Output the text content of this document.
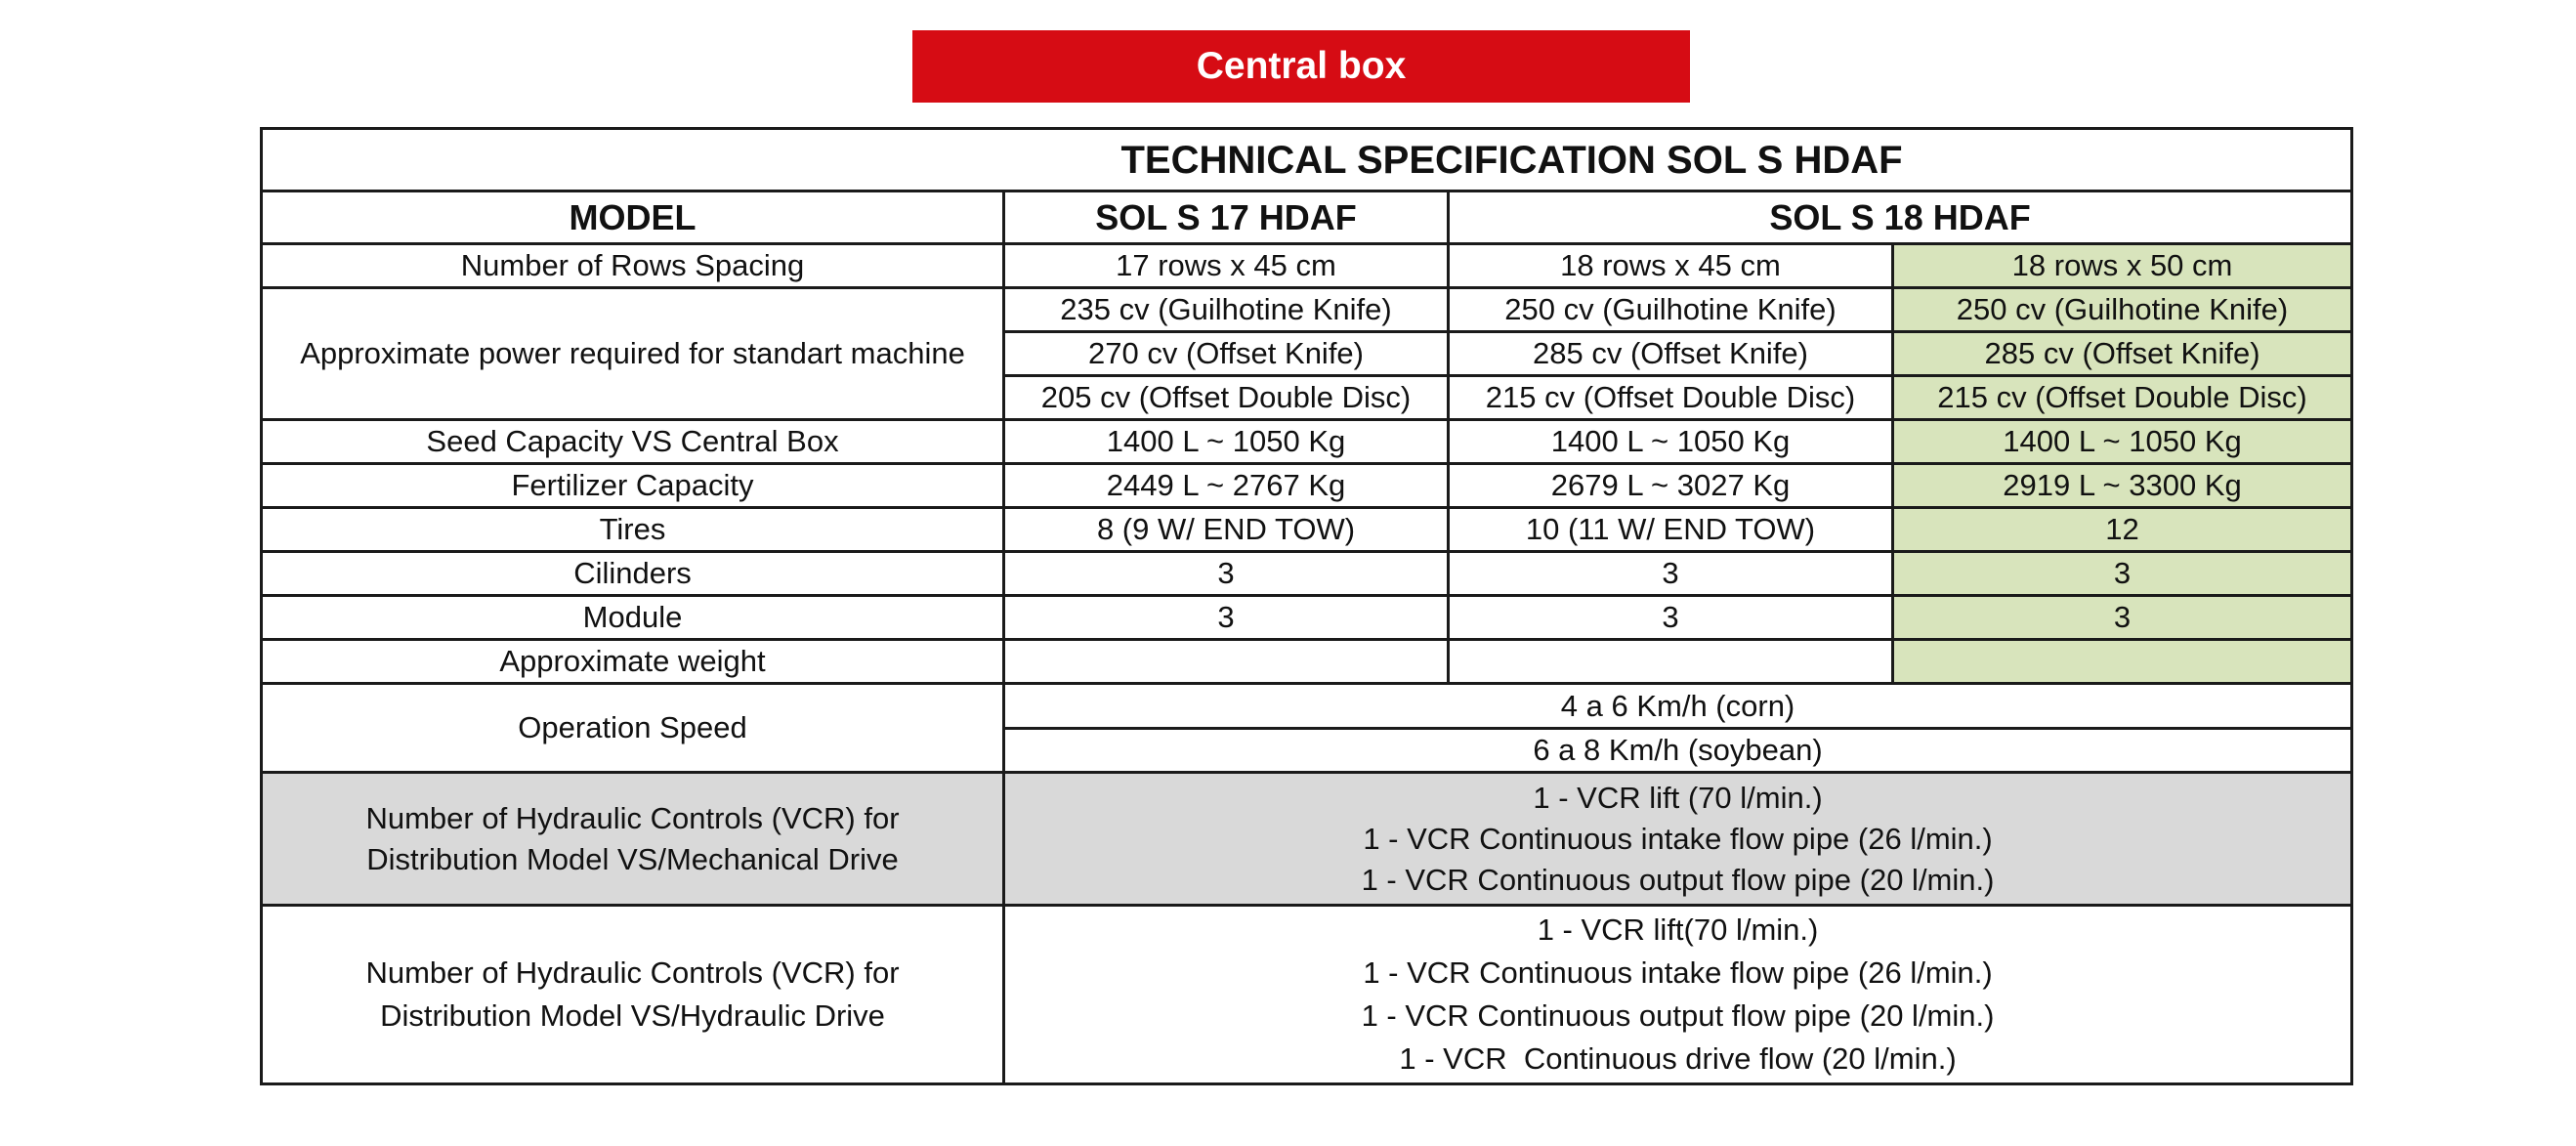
Central box
TECHNICAL SPECIFICATION SOL S HDAF			
MODEL	SOL S 17 HDAF	SOL S 18 HDAF	
Number of Rows Spacing	17 rows x 45 cm	18 rows x 45 cm	18 rows x 50 cm
Approximate power required for standart machine	235 cv (Guilhotine Knife)	250 cv (Guilhotine Knife)	250 cv (Guilhotine Knife)
	270 cv (Offset Knife)	285 cv (Offset Knife)	285 cv (Offset Knife)
	205 cv (Offset Double Disc)	215 cv (Offset Double Disc)	215 cv (Offset Double Disc)
Seed Capacity VS Central Box	1400 L ~ 1050 Kg	1400 L ~ 1050 Kg	1400 L ~ 1050 Kg
Fertilizer Capacity	2449 L ~ 2767 Kg	2679 L ~ 3027 Kg	2919 L ~ 3300 Kg
Tires	8 (9 W/ END TOW)	10 (11 W/ END TOW)	12
Cilinders	3	3	3
Module	3	3	3
Approximate weight			
Operation Speed	4 a 6 Km/h (corn)		
	6 a 8 Km/h (soybean)		

Number of Hydraulic Controls (VCR) for
Distribution Model VS/Mechanical Drive	1 - VCR lift (70 l/min.)
1 - VCR Continuous intake flow pipe (26 l/min.)
1 - VCR Continuous output flow pipe (20 l/min.)		

Number of Hydraulic Controls (VCR) for
Distribution Model VS/Hydraulic Drive	1 - VCR lift(70 l/min.)
1 - VCR Continuous intake flow pipe (26 l/min.)
1 - VCR Continuous output flow pipe (20 l/min.)
1 - VCR  Continuous drive flow (20 l/min.)		
